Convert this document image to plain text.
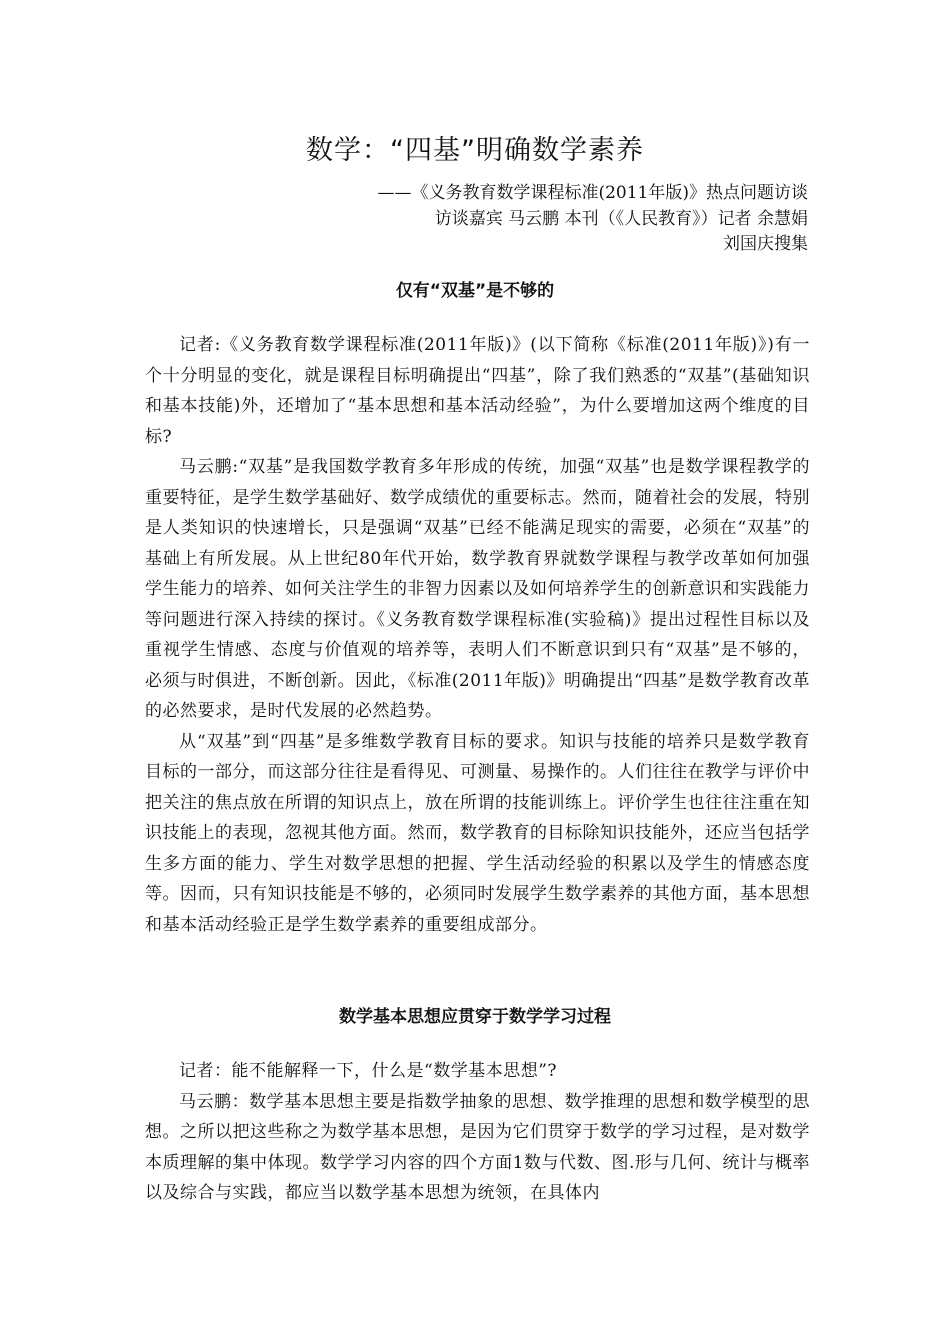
数学：“四基”明确数学素养

——《义务教育数学课程标准(2011年版)》热点问题访谈

访谈嘉宾 马云鹏 本刊（《人民教育》）记者 余慧娟

刘国庆搜集

仅有“双基”是不够的

记者:《义务教育数学课程标准(2011年版)》(以下简称《标准(2011年版)》)有一个十分明显的变化，就是课程目标明确提出“四基”，除了我们熟悉的“双基”(基础知识和基本技能)外，还增加了“基本思想和基本活动经验”，为什么要增加这两个维度的目标?

马云鹏:“双基”是我国数学教育多年形成的传统，加强“双基”也是数学课程教学的重要特征，是学生数学基础好、数学成绩优的重要标志。然而，随着社会的发展，特别是人类知识的快速增长，只是强调“双基”已经不能满足现实的需要，必须在“双基”的基础上有所发展。从上世纪80年代开始，数学教育界就数学课程与教学改革如何加强学生能力的培养、如何关注学生的非智力因素以及如何培养学生的创新意识和实践能力等问题进行深入持续的探讨。《义务教育数学课程标准(实验稿)》提出过程性目标以及重视学生情感、态度与价值观的培养等，表明人们不断意识到只有“双基”是不够的，必须与时俱进，不断创新。因此，《标准(2011年版)》明确提出“四基”是数学教育改革的必然要求，是时代发展的必然趋势。

从“双基”到“四基”是多维数学教育目标的要求。知识与技能的培养只是数学教育目标的一部分，而这部分往往是看得见、可测量、易操作的。人们往往在教学与评价中把关注的焦点放在所谓的知识点上，放在所谓的技能训练上。评价学生也往往注重在知识技能上的表现，忽视其他方面。然而，数学教育的目标除知识技能外，还应当包括学生多方面的能力、学生对数学思想的把握、学生活动经验的积累以及学生的情感态度等。因而，只有知识技能是不够的，必须同时发展学生数学素养的其他方面，基本思想和基本活动经验正是学生数学素养的重要组成部分。

数学基本思想应贯穿于数学学习过程

记者：能不能解释一下，什么是“数学基本思想”?

马云鹏：数学基本思想主要是指数学抽象的思想、数学推理的思想和数学模型的思想。之所以把这些称之为数学基本思想，是因为它们贯穿于数学的学习过程，是对数学本质理解的集中体现。数学学习内容的四个方面1数与代数、图.形与几何、统计与概率以及综合与实践，都应当以数学基本思想为统领，在具体内
